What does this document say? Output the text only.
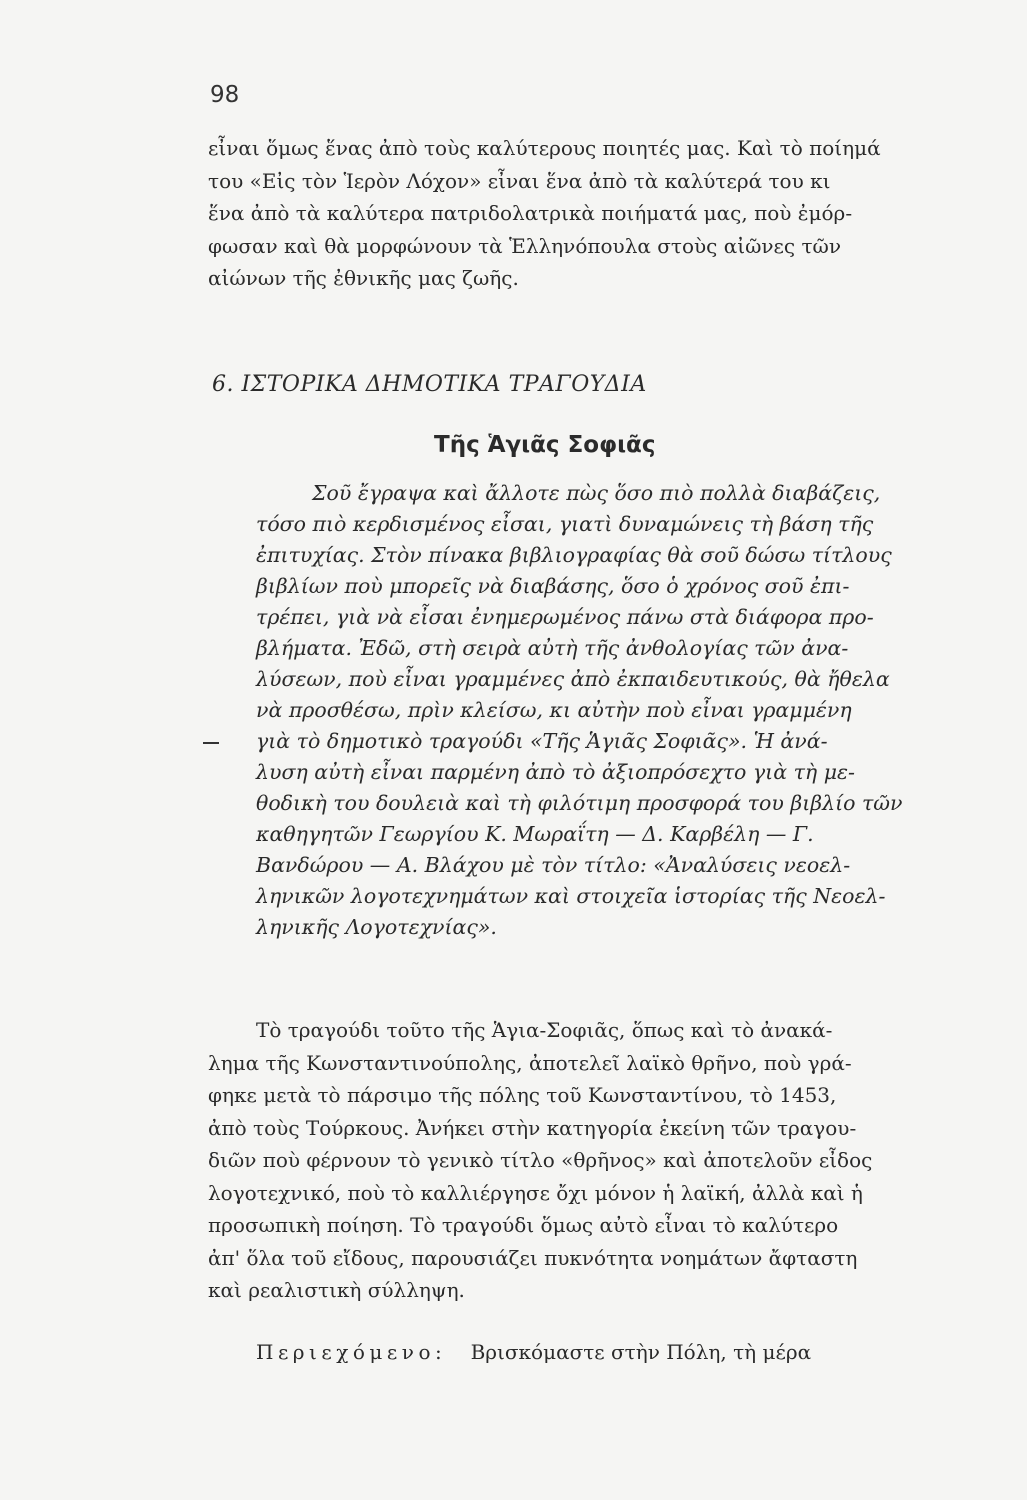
98
εἶναι ὅμως ἕνας ἀπὸ τοὺς καλύτερους ποιητές μας. Καὶ τὸ ποίημά
του «Εἰς τὸν Ἱερὸν Λόχον» εἶναι ἕνα ἀπὸ τὰ καλύτερά του κι
ἕνα ἀπὸ τὰ καλύτερα πατριδολατρικὰ ποιήματά μας, ποὺ ἐμόρ-
φωσαν καὶ θὰ μορφώνουν τὰ Ἑλληνόπουλα στοὺς αἰῶνες τῶν
αἰώνων τῆς ἐθνικῆς μας ζωῆς.
6. ΙΣΤΟΡΙΚΑ ΔΗΜΟΤΙΚΑ ΤΡΑΓΟΥΔΙΑ
Τῆς Ἁγιᾶς Σοφιᾶς
Σοῦ ἔγραψα καὶ ἄλλοτε πὼς ὅσο πιὸ πολλὰ διαβάζεις,
τόσο πιὸ κερδισμένος εἶσαι, γιατὶ δυναμώνεις τὴ βάση τῆς
ἐπιτυχίας. Στὸν πίνακα βιβλιογραφίας θὰ σοῦ δώσω τίτλους
βιβλίων ποὺ μπορεῖς νὰ διαβάσης, ὅσο ὁ χρόνος σοῦ ἐπι-
τρέπει, γιὰ νὰ εἶσαι ἐνημερωμένος πάνω στὰ διάφορα προ-
βλήματα. Ἐδῶ, στὴ σειρὰ αὐτὴ τῆς ἀνθολογίας τῶν ἀνα-
λύσεων, ποὺ εἶναι γραμμένες ἀπὸ ἐκπαιδευτικούς, θὰ ἤθελα
νὰ προσθέσω, πρὶν κλείσω, κι αὐτὴν ποὺ εἶναι γραμμένη
γιὰ τὸ δημοτικὸ τραγούδι «Τῆς Ἁγιᾶς Σοφιᾶς». Ἡ ἀνά-
λυση αὐτὴ εἶναι παρμένη ἀπὸ τὸ ἀξιοπρόσεχτο γιὰ τὴ με-
θοδικὴ του δουλειὰ καὶ τὴ φιλότιμη προσφορά του βιβλίο τῶν
καθηγητῶν Γεωργίου Κ. Μωραΐτη — Δ. Καρβέλη — Γ.
Βανδώρου — Α. Βλάχου μὲ τὸν τίτλο: «Ἀναλύσεις νεοελ-
ληνικῶν λογοτεχνημάτων καὶ στοιχεῖα ἱστορίας τῆς Νεοελ-
ληνικῆς Λογοτεχνίας».
Τὸ τραγούδι τοῦτο τῆς Ἁγια-Σοφιᾶς, ὅπως καὶ τὸ ἀνακά-
λημα τῆς Κωνσταντινούπολης, ἀποτελεῖ λαϊκὸ θρῆνο, ποὺ γρά-
φηκε μετὰ τὸ πάρσιμο τῆς πόλης τοῦ Κωνσταντίνου, τὸ 1453,
ἀπὸ τοὺς Τούρκους. Ἀνήκει στὴν κατηγορία ἐκείνη τῶν τραγου-
διῶν ποὺ φέρνουν τὸ γενικὸ τίτλο «θρῆνος» καὶ ἀποτελοῦν εἶδος
λογοτεχνικό, ποὺ τὸ καλλιέργησε ὄχι μόνον ἡ λαϊκή, ἀλλὰ καὶ ἡ
προσωπικὴ ποίηση. Τὸ τραγούδι ὅμως αὐτὸ εἶναι τὸ καλύτερο
ἀπ' ὅλα τοῦ εἴδους, παρουσιάζει πυκνότητα νοημάτων ἄφταστη
καὶ ρεαλιστικὴ σύλληψη.
Περιεχόμενο: Βρισκόμαστε στὴν Πόλη, τὴ μέρα
